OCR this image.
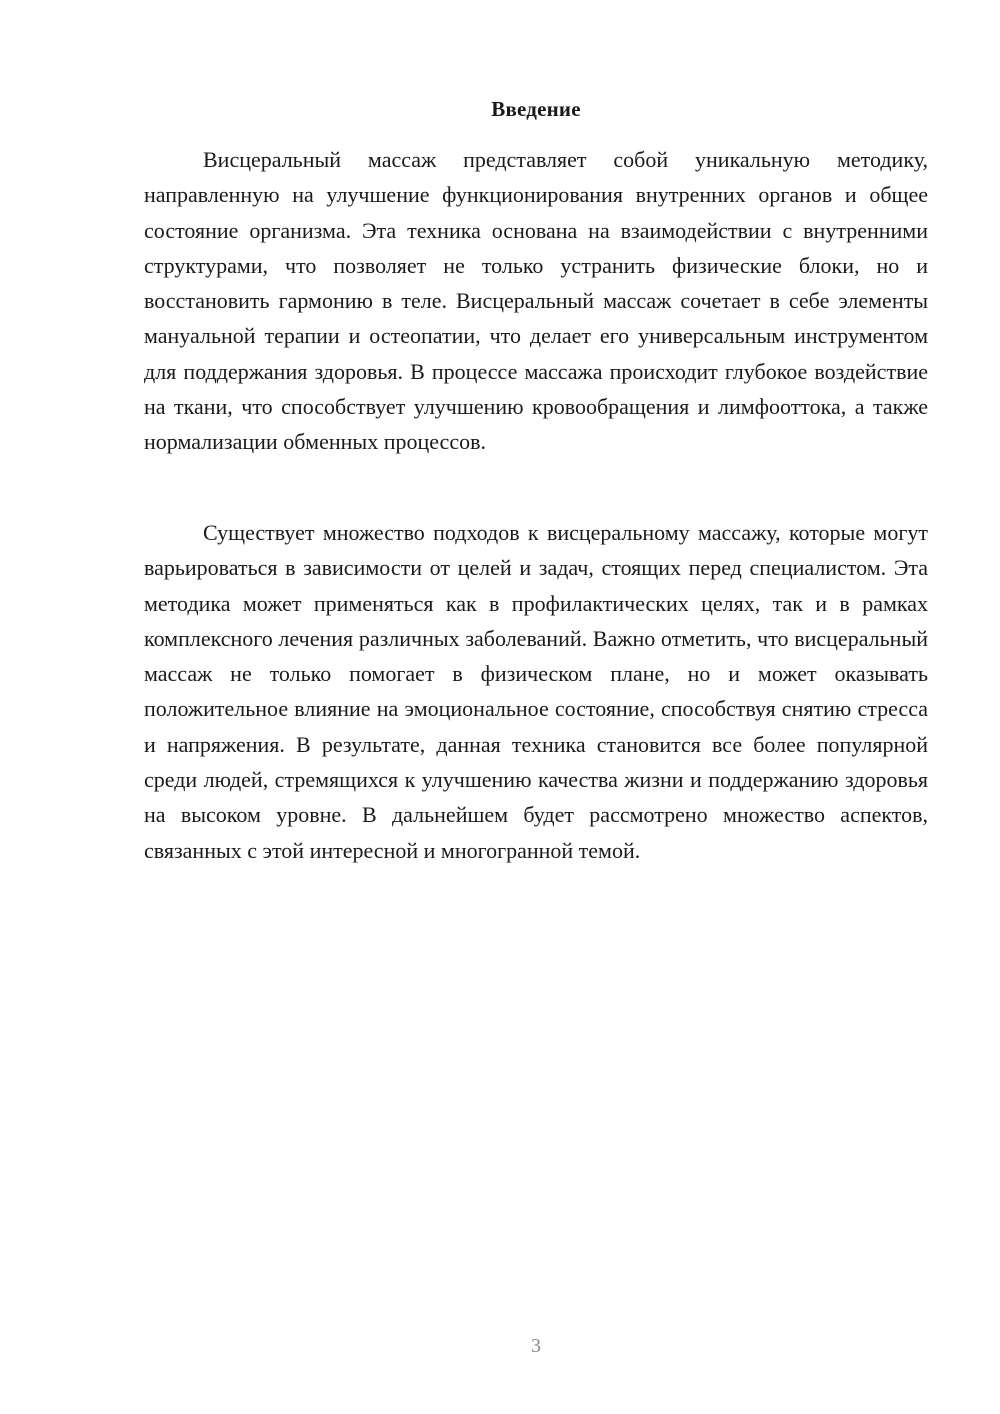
Введение

Висцеральный массаж представляет собой уникальную методику, направленную на улучшение функционирования внутренних органов и общее состояние организма. Эта техника основана на взаимодействии с внутренними структурами, что позволяет не только устранить физические блоки, но и восстановить гармонию в теле. Висцеральный массаж сочетает в себе элементы мануальной терапии и остеопатии, что делает его универсальным инструментом для поддержания здоровья. В процессе массажа происходит глубокое воздействие на ткани, что способствует улучшению кровообращения и лимфооттока, а также нормализации обменных процессов.

Существует множество подходов к висцеральному массажу, которые могут варьироваться в зависимости от целей и задач, стоящих перед специалистом. Эта методика может применяться как в профилактических целях, так и в рамках комплексного лечения различных заболеваний. Важно отметить, что висцеральный массаж не только помогает в физическом плане, но и может оказывать положительное влияние на эмоциональное состояние, способствуя снятию стресса и напряжения. В результате, данная техника становится все более популярной среди людей, стремящихся к улучшению качества жизни и поддержанию здоровья на высоком уровне. В дальнейшем будет рассмотрено множество аспектов, связанных с этой интересной и многогранной темой.

3
